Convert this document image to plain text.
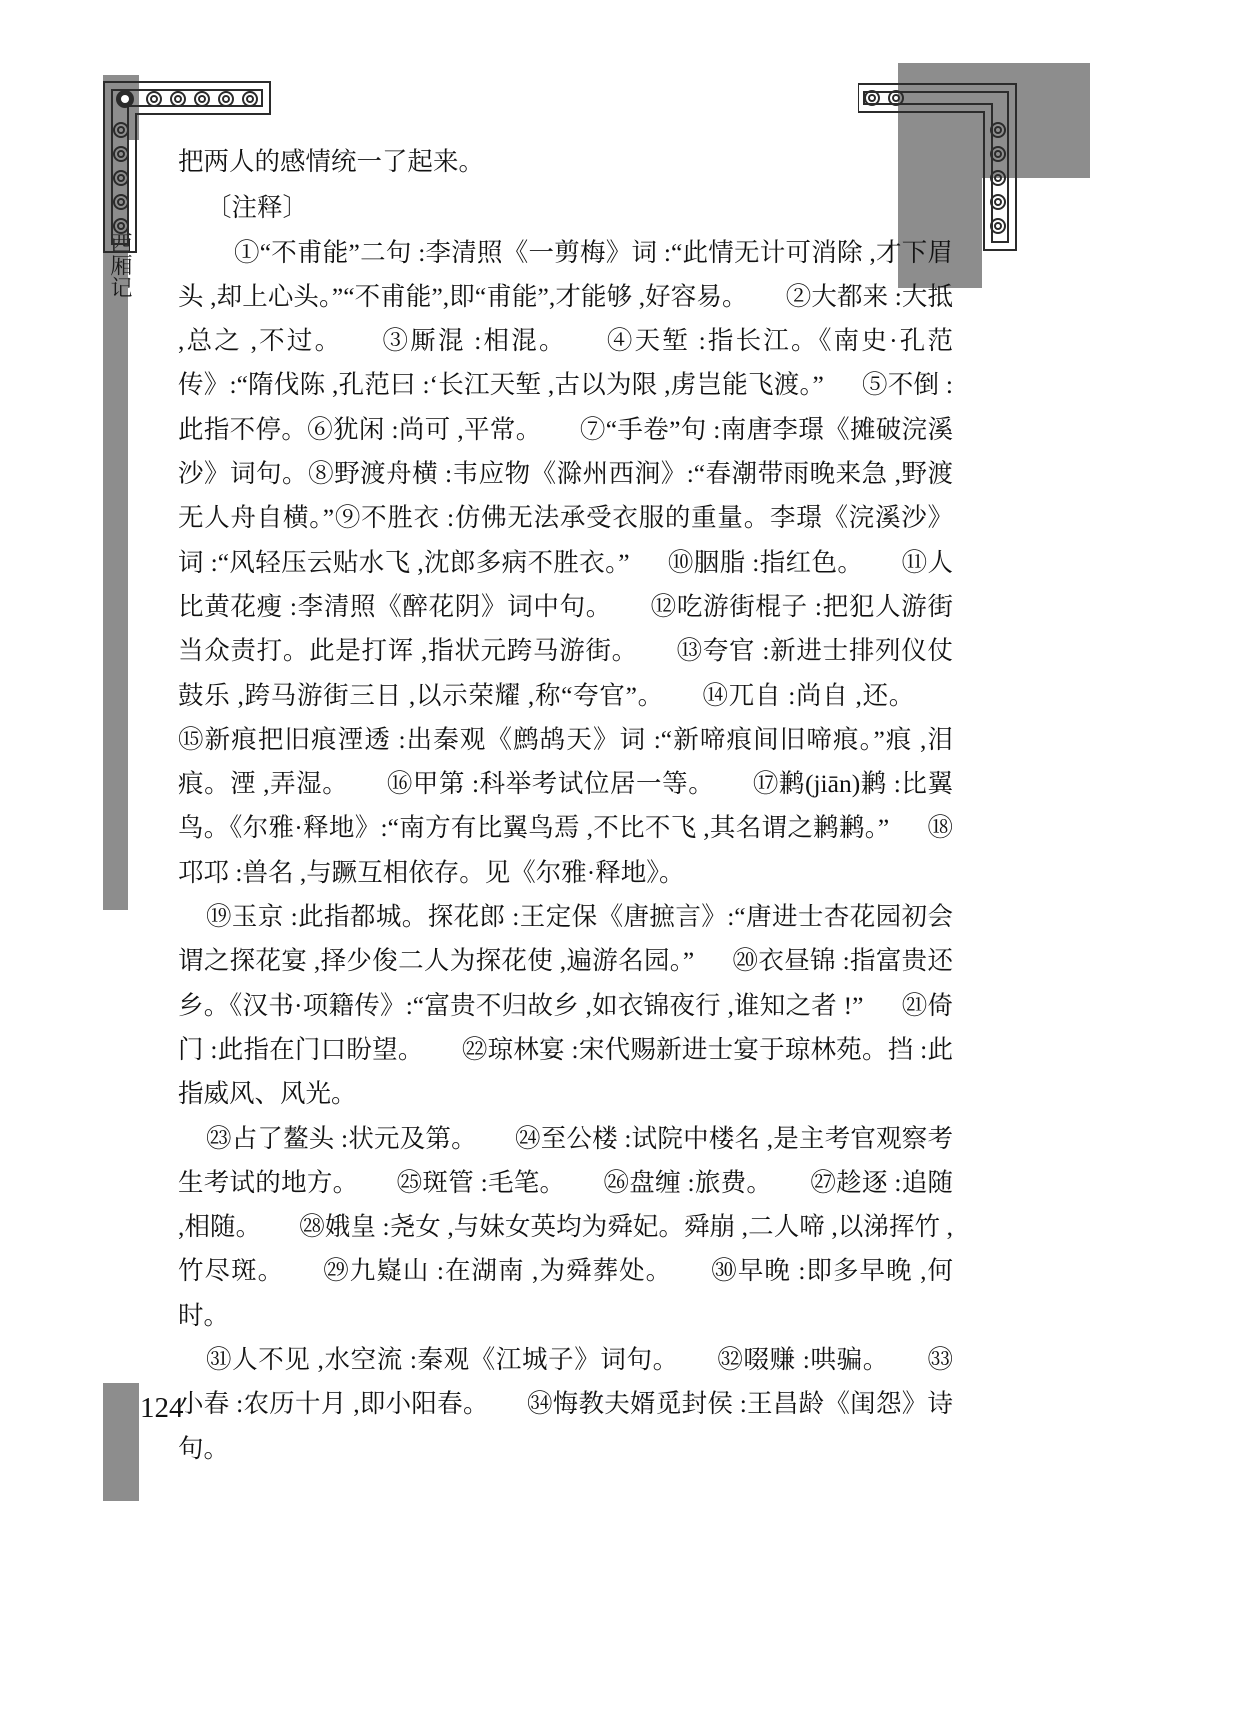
西厢记

把两人的感情统一了起来。

〔注释〕

①“不甫能”二句 :李清照《一剪梅》词 :“此情无计可消除 ,才下眉头 ,却上心头。”“不甫能”,即“甫能”,才能够 ,好容易。 ②大都来 :大抵 ,总之 ,不过。 ③厮混 :相混。 ④天堑 :指长江。《南史·孔范传》:“隋伐陈 ,孔范曰 :‘长江天堑 ,古以为限 ,虏岂能飞渡。” ⑤不倒 :此指不停。⑥犹闲 :尚可 ,平常。 ⑦“手卷”句 :南唐李璟《摊破浣溪沙》词句。⑧野渡舟横 :韦应物《滁州西涧》:“春潮带雨晚来急 ,野渡无人舟自横。”⑨不胜衣 :仿佛无法承受衣服的重量。李璟《浣溪沙》词 :“风轻压云贴水飞 ,沈郎多病不胜衣。” ⑩胭脂 :指红色。 ⑪人比黄花瘦 :李清照《醉花阴》词中句。 ⑫吃游街棍子 :把犯人游街当众责打。此是打诨 ,指状元跨马游街。 ⑬夸官 :新进士排列仪仗鼓乐 ,跨马游街三日 ,以示荣耀 ,称“夸官”。 ⑭兀自 :尚自 ,还。⑮新痕把旧痕湮透 :出秦观《鹧鸪天》词 :“新啼痕间旧啼痕。”痕 ,泪痕。湮 ,弄湿。 ⑯甲第 :科举考试位居一等。 ⑰鹣(jiān)鹣 :比翼鸟。《尔雅·释地》:“南方有比翼鸟焉 ,不比不飞 ,其名谓之鹣鹣。” ⑱邛邛 :兽名 ,与蹶互相依存。见《尔雅·释地》。

⑲玉京 :此指都城。探花郎 :王定保《唐摭言》:“唐进士杏花园初会谓之探花宴 ,择少俊二人为探花使 ,遍游名园。” ⑳衣昼锦 :指富贵还乡。《汉书·项籍传》:“富贵不归故乡 ,如衣锦夜行 ,谁知之者 !” ㉑倚门 :此指在门口盼望。 ㉒琼林宴 :宋代赐新进士宴于琼林苑。挡 :此指威风、风光。

㉓占了鳌头 :状元及第。 ㉔至公楼 :试院中楼名 ,是主考官观察考生考试的地方。 ㉕斑管 :毛笔。 ㉖盘缠 :旅费。 ㉗趁逐 :追随 ,相随。 ㉘娥皇 :尧女 ,与妹女英均为舜妃。舜崩 ,二人啼 ,以涕挥竹 ,竹尽斑。 ㉙九嶷山 :在湖南 ,为舜葬处。 ㉚早晚 :即多早晚 ,何时。

㉛人不见 ,水空流 :秦观《江城子》词句。 ㉜啜赚 :哄骗。 ㉝小春 :农历十月 ,即小阳春。 ㉞悔教夫婿觅封侯 :王昌龄《闺怨》诗句。

124
